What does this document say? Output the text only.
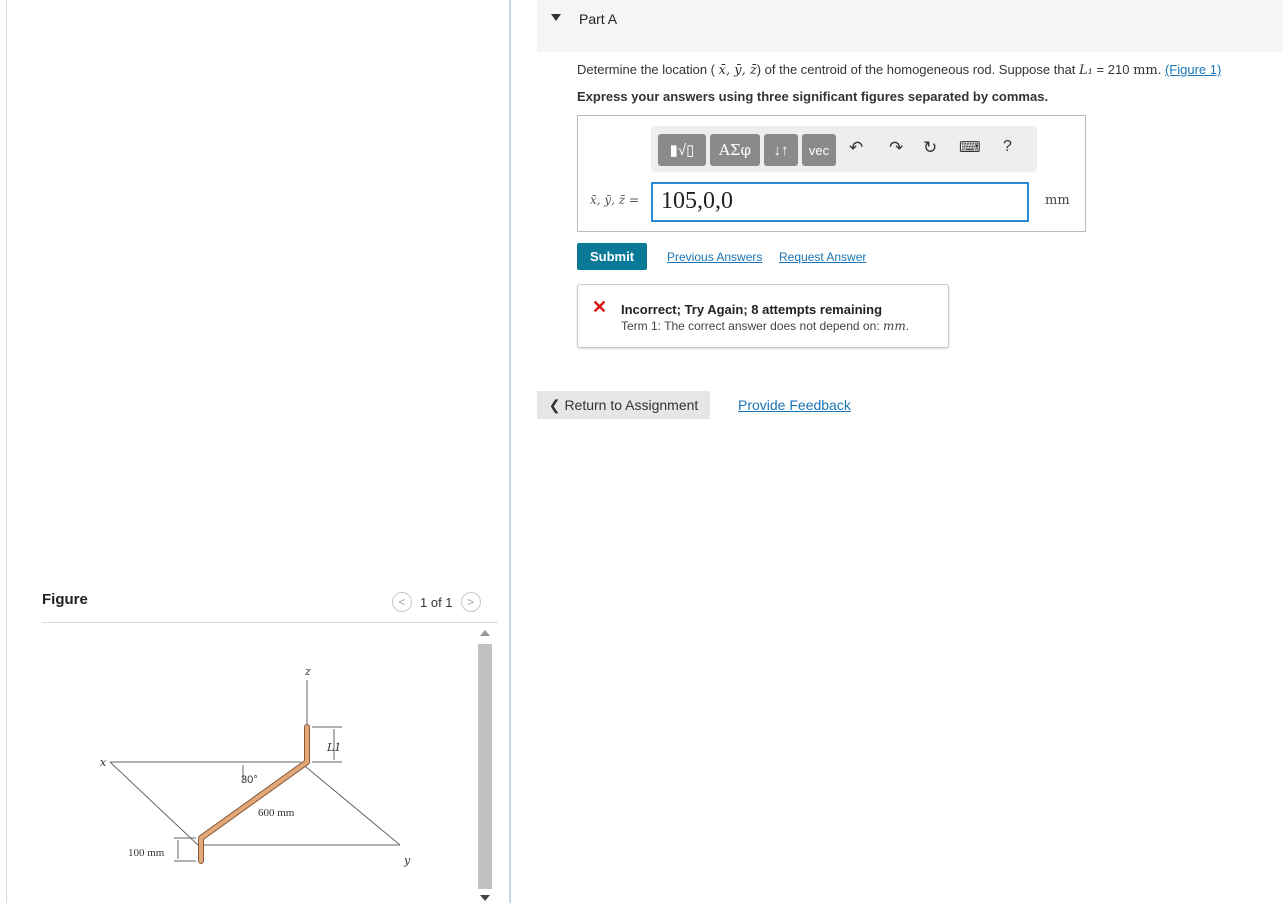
Figure	<	1 of 1	>
z
x
y
L1
30°
600 mm
100 mm
Part A
Determine the location ( x̄, ȳ, z̄) of the centroid of the homogeneous rod. Suppose that L₁ = 210 mm. (Figure 1)
Express your answers using three significant figures separated by commas.
▮√▯	ΑΣφ	↓↑	vec	↶ ↷ ↻ ⌨ ?
x̄, ȳ, z̄ = 105,0,0	mm
Submit	Previous Answers Request Answer
✕ Incorrect; Try Again; 8 attempts remaining
Term 1: The correct answer does not depend on: mm.
❮ Return to Assignment	Provide Feedback
